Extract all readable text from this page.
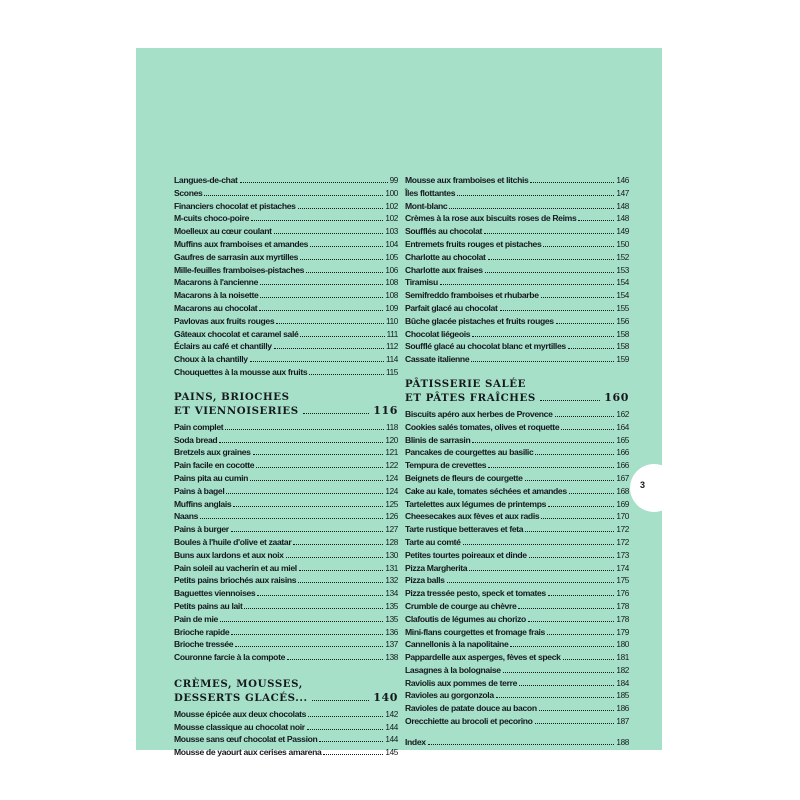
Langues-de-chat	99
Scones	100
Financiers chocolat et pistaches	102
M-cuits choco-poire	102
Moelleux au cœur coulant	103
Muffins aux framboises et amandes	104
Gaufres de sarrasin aux myrtilles	105
Mille-feuilles framboises-pistaches	106
Macarons à l'ancienne	108
Macarons à la noisette	108
Macarons au chocolat	109
Pavlovas aux fruits rouges	110
Gâteaux chocolat et caramel salé	111
Éclairs au café et chantilly	112
Choux à la chantilly	114
Chouquettes à la mousse aux fruits	115
PAINS, BRIOCHES
ET VIENNOISERIES	116
Pain complet	118
Soda bread	120
Bretzels aux graines	121
Pain facile en cocotte	122
Pains pita au cumin	124
Pains à bagel	124
Muffins anglais	125
Naans	126
Pains à burger	127
Boules à l'huile d'olive et zaatar	128
Buns aux lardons et aux noix	130
Pain soleil au vacherin et au miel	131
Petits pains briochés aux raisins	132
Baguettes viennoises	134
Petits pains au lait	135
Pain de mie	135
Brioche rapide	136
Brioche tressée	137
Couronne farcie à la compote	138
CRÈMES, MOUSSES,
DESSERTS GLACÉS...	140
Mousse épicée aux deux chocolats	142
Mousse classique au chocolat noir	144
Mousse sans œuf chocolat et Passion	144
Mousse de yaourt aux cerises amarena	145
Mousse aux framboises et litchis	146
Îles flottantes	147
Mont-blanc	148
Crèmes à la rose aux biscuits roses de Reims	148
Soufflés au chocolat	149
Entremets fruits rouges et pistaches	150
Charlotte au chocolat	152
Charlotte aux fraises	153
Tiramisu	154
Semifreddo framboises et rhubarbe	154
Parfait glacé au chocolat	155
Bûche glacée pistaches et fruits rouges	156
Chocolat liégeois	158
Soufflé glacé au chocolat blanc et myrtilles	158
Cassate italienne	159
PÂTISSERIE SALÉE
ET PÂTES FRAÎCHES	160
Biscuits apéro aux herbes de Provence	162
Cookies salés tomates, olives et roquette	164
Blinis de sarrasin	165
Pancakes de courgettes au basilic	166
Tempura de crevettes	166
Beignets de fleurs de courgette	167
Cake au kale, tomates séchées et amandes	168
Tartelettes aux légumes de printemps	169
Cheesecakes aux fèves et aux radis	170
Tarte rustique betteraves et feta	172
Tarte au comté	172
Petites tourtes poireaux et dinde	173
Pizza Margherita	174
Pizza balls	175
Pizza tressée pesto, speck et tomates	176
Crumble de courge au chèvre	178
Clafoutis de légumes au chorizo	178
Mini-flans courgettes et fromage frais	179
Cannellonis à la napolitaine	180
Pappardelle aux asperges, fèves et speck	181
Lasagnes à la bolognaise	182
Raviolis aux pommes de terre	184
Ravioles au gorgonzola	185
Ravioles de patate douce au bacon	186
Orecchiette au brocoli et pecorino	187
Index	188
3
